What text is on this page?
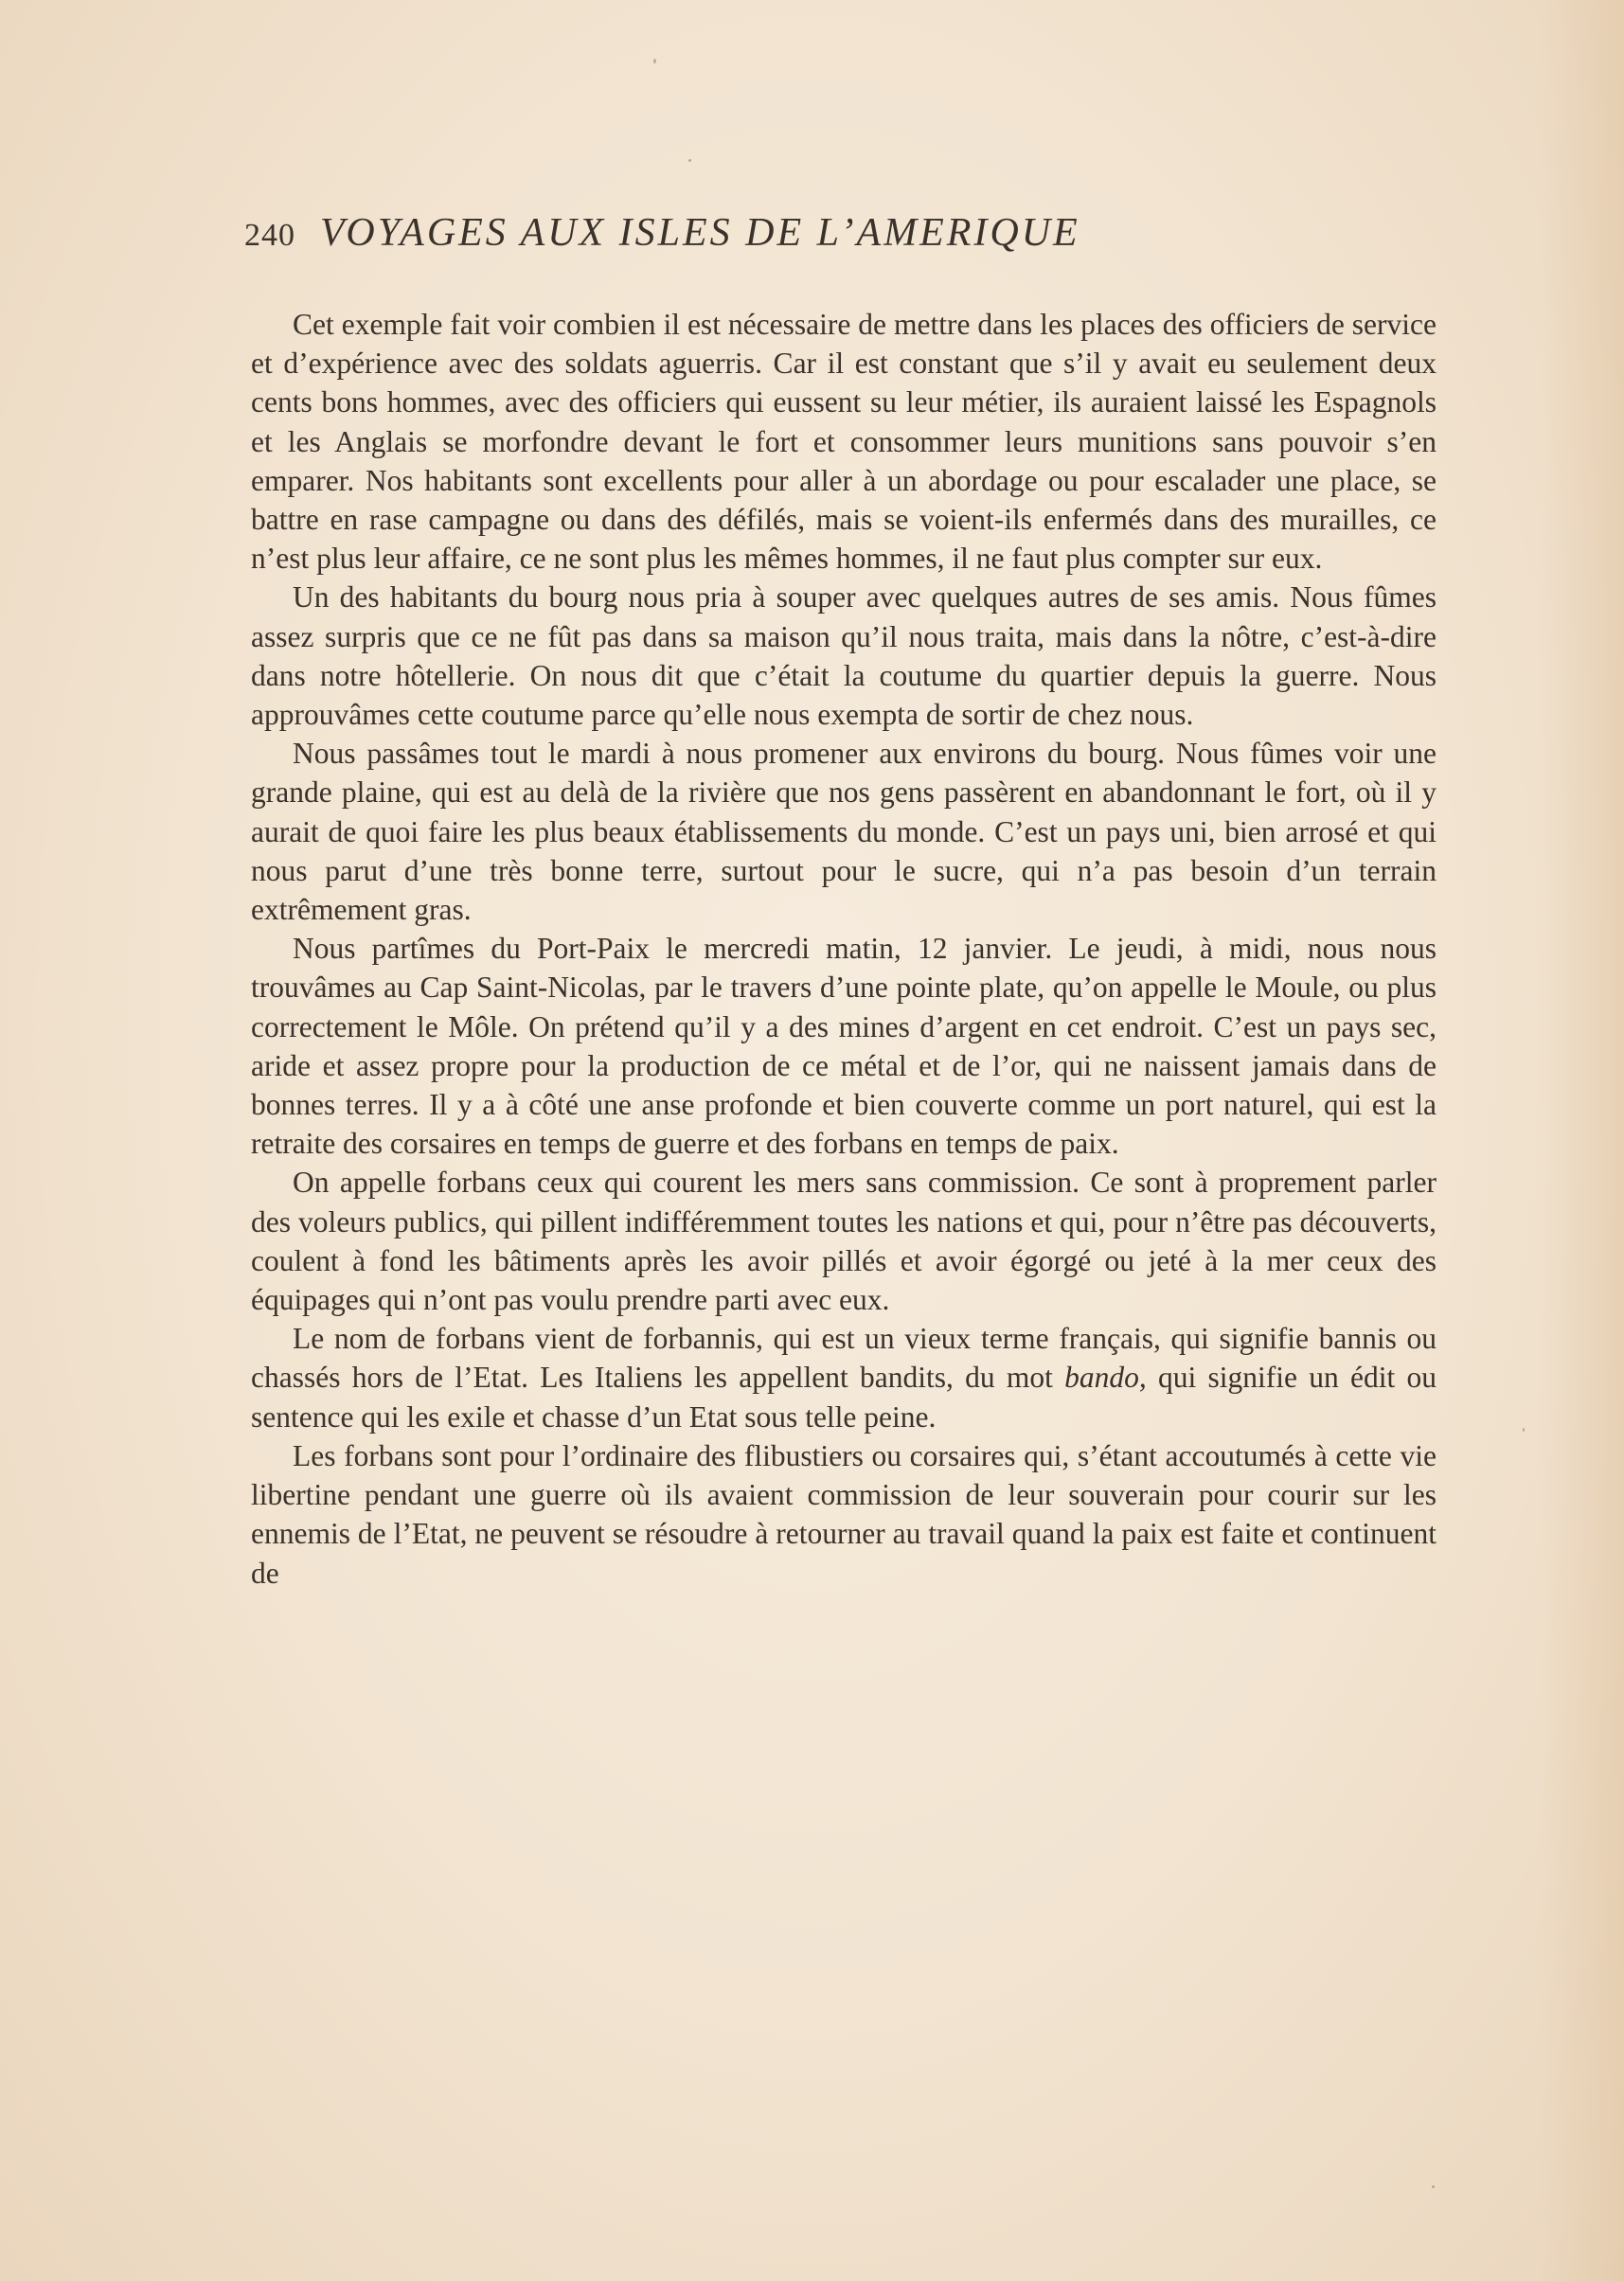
240 VOYAGES AUX ISLES DE L’AMERIQUE

Cet exemple fait voir combien il est nécessaire de mettre dans les places des officiers de service et d’expérience avec des soldats aguerris. Car il est constant que s’il y avait eu seulement deux cents bons hommes, avec des officiers qui eussent su leur métier, ils auraient laissé les Espagnols et les Anglais se morfondre devant le fort et consommer leurs munitions sans pouvoir s’en emparer. Nos habitants sont excellents pour aller à un abordage ou pour escalader une place, se battre en rase campagne ou dans des défilés, mais se voient-ils enfermés dans des murailles, ce n’est plus leur affaire, ce ne sont plus les mêmes hommes, il ne faut plus compter sur eux.

Un des habitants du bourg nous pria à souper avec quelques autres de ses amis. Nous fûmes assez surpris que ce ne fût pas dans sa maison qu’il nous traita, mais dans la nôtre, c’est-à-dire dans notre hôtellerie. On nous dit que c’était la coutume du quartier depuis la guerre. Nous approuvâmes cette coutume parce qu’elle nous exempta de sortir de chez nous.

Nous passâmes tout le mardi à nous promener aux environs du bourg. Nous fûmes voir une grande plaine, qui est au delà de la rivière que nos gens passèrent en abandonnant le fort, où il y aurait de quoi faire les plus beaux établissements du monde. C’est un pays uni, bien arrosé et qui nous parut d’une très bonne terre, surtout pour le sucre, qui n’a pas besoin d’un terrain extrêmement gras.

Nous partîmes du Port-Paix le mercredi matin, 12 janvier. Le jeudi, à midi, nous nous trouvâmes au Cap Saint-Nicolas, par le travers d’une pointe plate, qu’on appelle le Moule, ou plus correctement le Môle. On prétend qu’il y a des mines d’argent en cet endroit. C’est un pays sec, aride et assez propre pour la production de ce métal et de l’or, qui ne naissent jamais dans de bonnes terres. Il y a à côté une anse profonde et bien couverte comme un port naturel, qui est la retraite des corsaires en temps de guerre et des forbans en temps de paix.

On appelle forbans ceux qui courent les mers sans commission. Ce sont à proprement parler des voleurs publics, qui pillent indifféremment toutes les nations et qui, pour n’être pas découverts, coulent à fond les bâtiments après les avoir pillés et avoir égorgé ou jeté à la mer ceux des équipages qui n’ont pas voulu prendre parti avec eux.

Le nom de forbans vient de forbannis, qui est un vieux terme français, qui signifie bannis ou chassés hors de l’Etat. Les Italiens les appellent bandits, du mot bando, qui signifie un édit ou sentence qui les exile et chasse d’un Etat sous telle peine.

Les forbans sont pour l’ordinaire des flibustiers ou corsaires qui, s’étant accoutumés à cette vie libertine pendant une guerre où ils avaient commission de leur souverain pour courir sur les ennemis de l’Etat, ne peuvent se résoudre à retourner au travail quand la paix est faite et continuent de
